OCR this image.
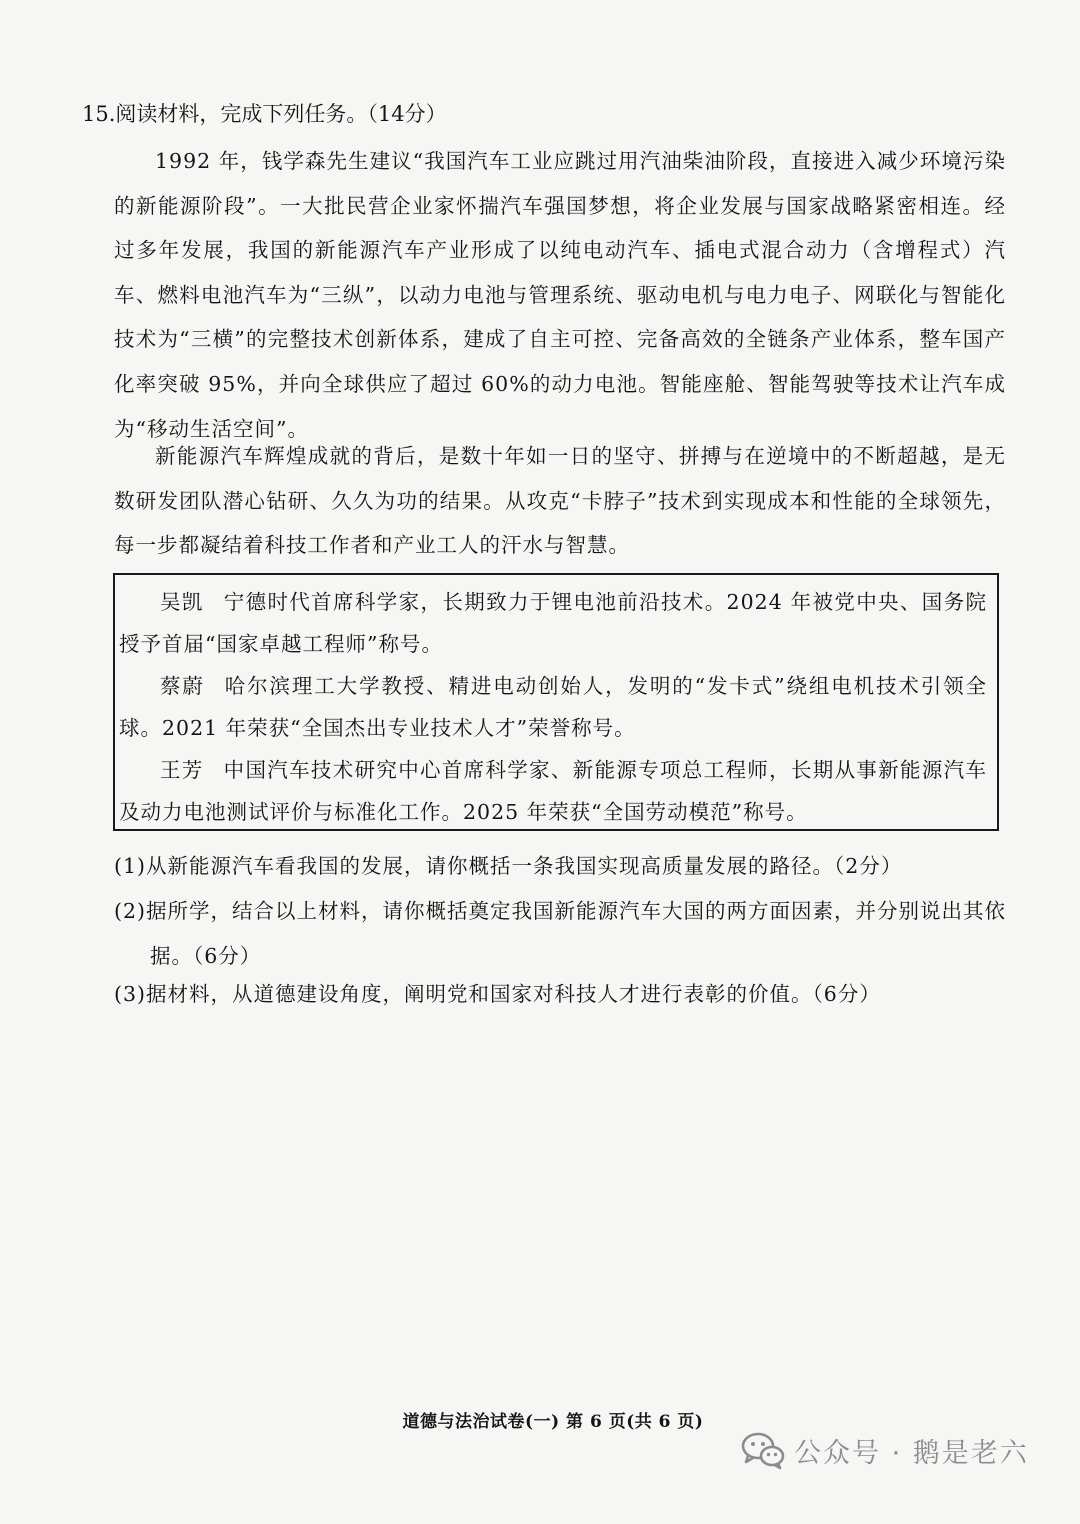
15.阅读材料，完成下列任务。（14分）

1992 年，钱学森先生建议“我国汽车工业应跳过用汽油柴油阶段，直接进入减少环境污染的新能源阶段”。一大批民营企业家怀揣汽车强国梦想，将企业发展与国家战略紧密相连。经过多年发展，我国的新能源汽车产业形成了以纯电动汽车、插电式混合动力（含增程式）汽车、燃料电池汽车为“三纵”，以动力电池与管理系统、驱动电机与电力电子、网联化与智能化技术为“三横”的完整技术创新体系，建成了自主可控、完备高效的全链条产业体系，整车国产化率突破 95%，并向全球供应了超过 60%的动力电池。智能座舱、智能驾驶等技术让汽车成为“移动生活空间”。

新能源汽车辉煌成就的背后，是数十年如一日的坚守、拼搏与在逆境中的不断超越，是无数研发团队潜心钻研、久久为功的结果。从攻克“卡脖子”技术到实现成本和性能的全球领先，每一步都凝结着科技工作者和产业工人的汗水与智慧。

吴凯 宁德时代首席科学家，长期致力于锂电池前沿技术。2024 年被党中央、国务院授予首届“国家卓越工程师”称号。

蔡蔚 哈尔滨理工大学教授、精进电动创始人，发明的“发卡式”绕组电机技术引领全球。2021 年荣获“全国杰出专业技术人才”荣誉称号。

王芳 中国汽车技术研究中心首席科学家、新能源专项总工程师，长期从事新能源汽车及动力电池测试评价与标准化工作。2025 年荣获“全国劳动模范”称号。

(1)从新能源汽车看我国的发展，请你概括一条我国实现高质量发展的路径。（2分）

(2)据所学，结合以上材料，请你概括奠定我国新能源汽车大国的两方面因素，并分别说出其依据。（6分）

(3)据材料，从道德建设角度，阐明党和国家对科技人才进行表彰的价值。（6分）

道德与法治试卷(一) 第 6 页(共 6 页)
公众号 · 鹅是老六
